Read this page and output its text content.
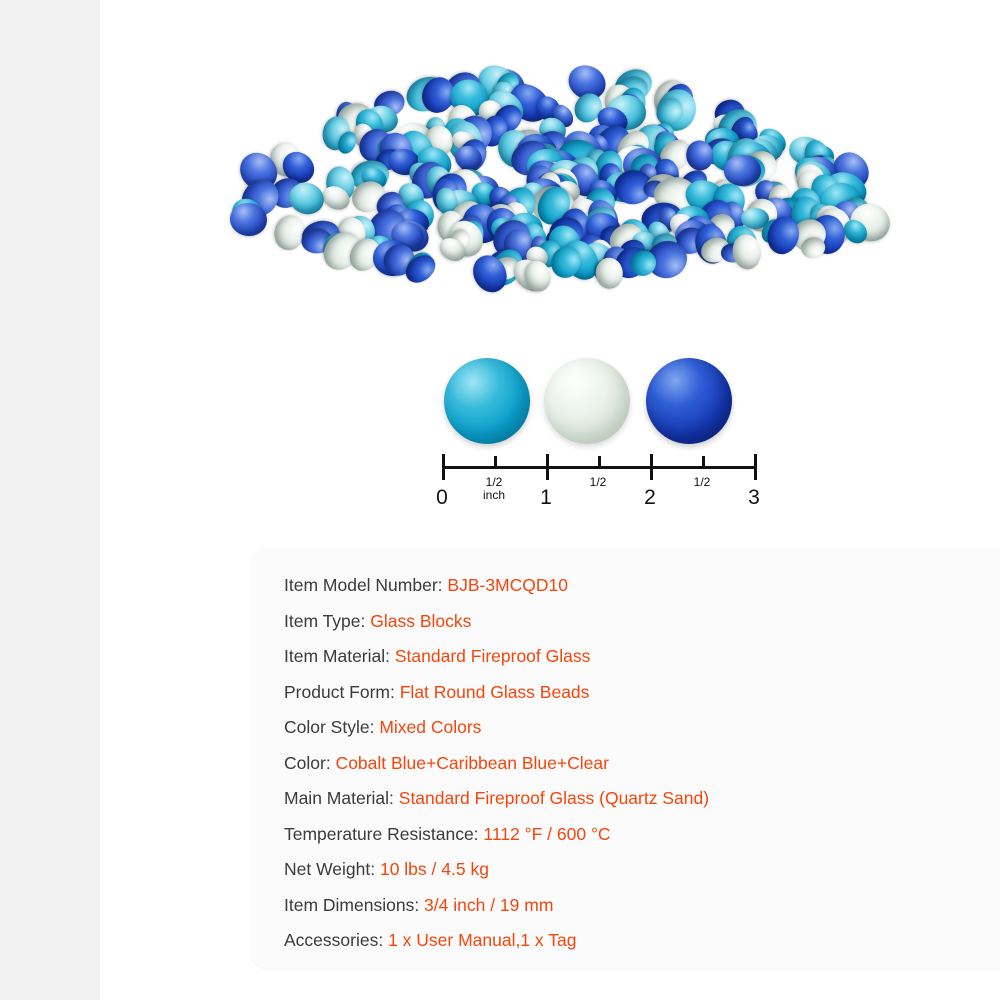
0	1	2	3
1/2
inch
1/2	1/2
Item Model Number: BJB-3MCQD10
Item Type: Glass Blocks
Item Material: Standard Fireproof Glass
Product Form: Flat Round Glass Beads
Color Style: Mixed Colors
Color: Cobalt Blue+Caribbean Blue+Clear
Main Material: Standard Fireproof Glass (Quartz Sand)
Temperature Resistance: 1112 °F / 600 °C
Net Weight: 10 lbs / 4.5 kg
Item Dimensions: 3/4 inch / 19 mm
Accessories: 1 x User Manual,1 x Tag
